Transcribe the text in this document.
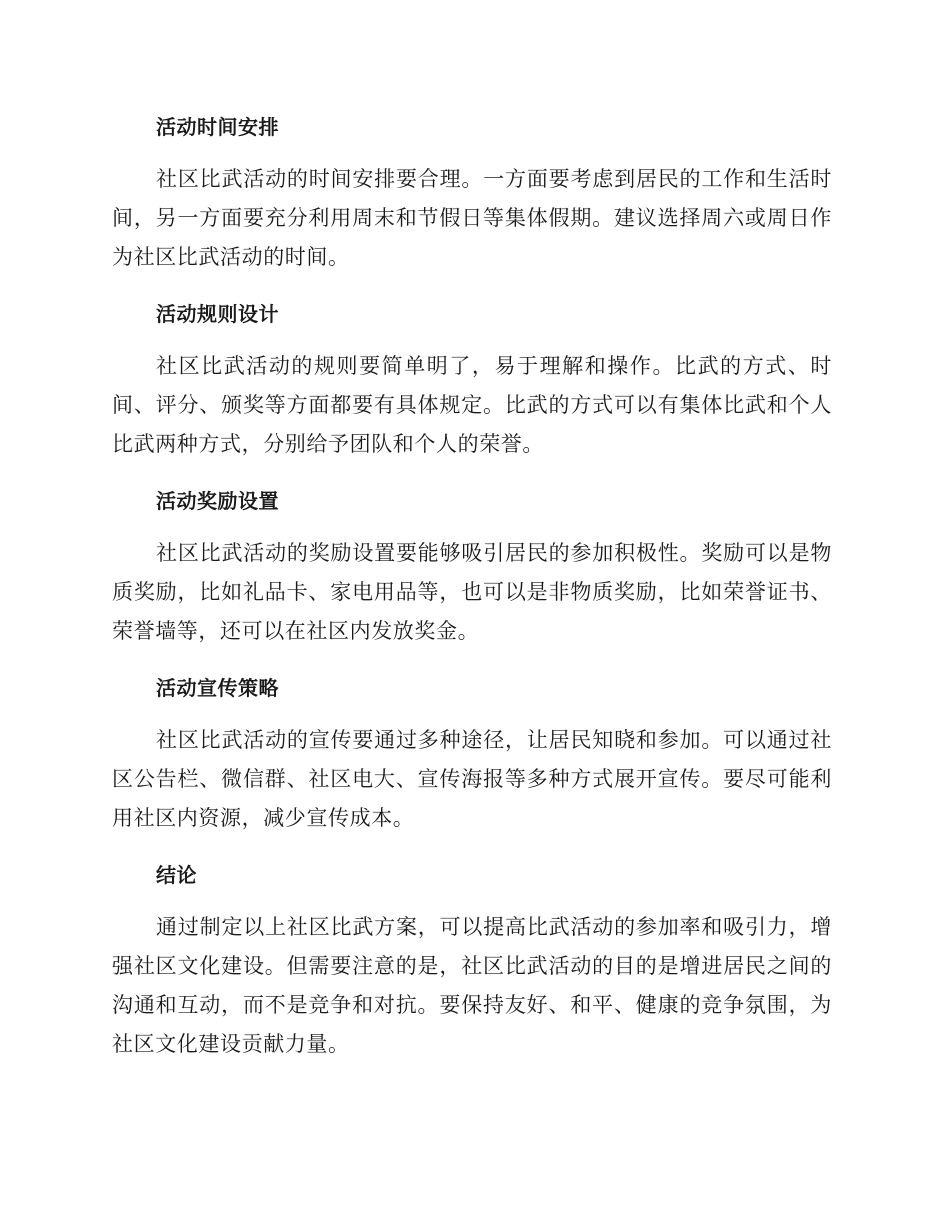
活动时间安排

社区比武活动的时间安排要合理。一方面要考虑到居民的工作和生活时间，另一方面要充分利用周末和节假日等集体假期。建议选择周六或周日作为社区比武活动的时间。

活动规则设计

社区比武活动的规则要简单明了，易于理解和操作。比武的方式、时间、评分、颁奖等方面都要有具体规定。比武的方式可以有集体比武和个人比武两种方式，分别给予团队和个人的荣誉。

活动奖励设置

社区比武活动的奖励设置要能够吸引居民的参加积极性。奖励可以是物质奖励，比如礼品卡、家电用品等，也可以是非物质奖励，比如荣誉证书、荣誉墙等，还可以在社区内发放奖金。

活动宣传策略

社区比武活动的宣传要通过多种途径，让居民知晓和参加。可以通过社区公告栏、微信群、社区电大、宣传海报等多种方式展开宣传。要尽可能利用社区内资源，减少宣传成本。

结论

通过制定以上社区比武方案，可以提高比武活动的参加率和吸引力，增强社区文化建设。但需要注意的是，社区比武活动的目的是增进居民之间的沟通和互动，而不是竞争和对抗。要保持友好、和平、健康的竞争氛围，为社区文化建设贡献力量。
